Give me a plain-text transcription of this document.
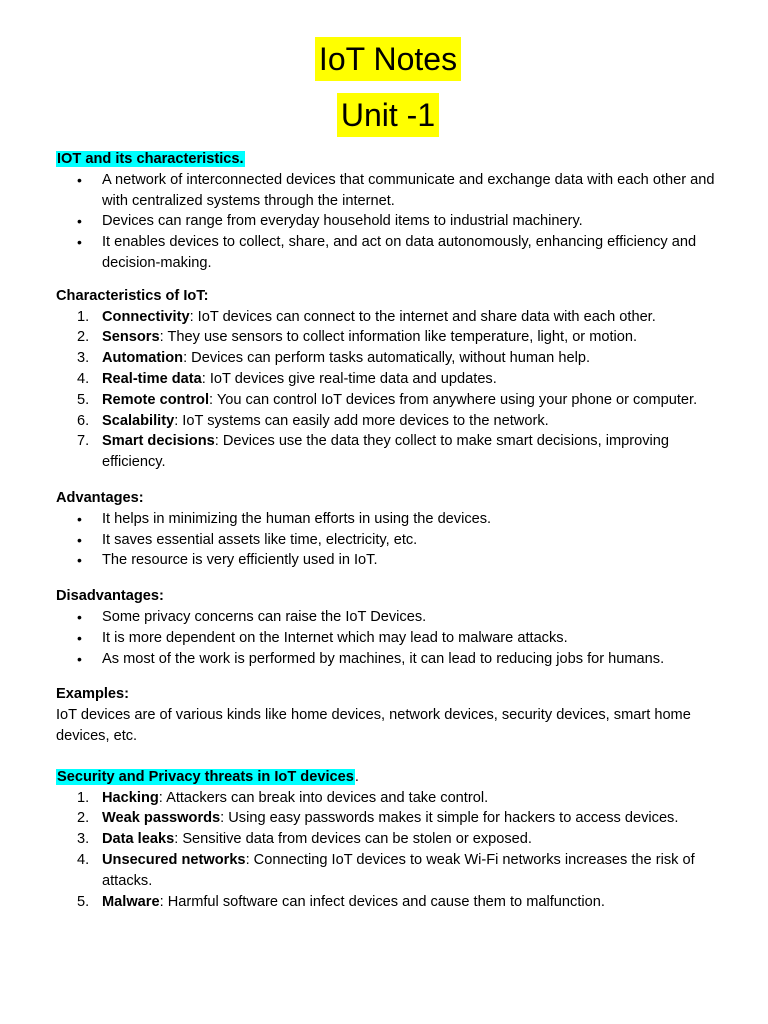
IoT Notes
Unit -1
IOT and its characteristics.
• A network of interconnected devices that communicate and exchange data with each other and with centralized systems through the internet.
• Devices can range from everyday household items to industrial machinery.
• It enables devices to collect, share, and act on data autonomously, enhancing efficiency and decision-making.
Characteristics of IoT:
1. Connectivity: IoT devices can connect to the internet and share data with each other.
2. Sensors: They use sensors to collect information like temperature, light, or motion.
3. Automation: Devices can perform tasks automatically, without human help.
4. Real-time data: IoT devices give real-time data and updates.
5. Remote control: You can control IoT devices from anywhere using your phone or computer.
6. Scalability: IoT systems can easily add more devices to the network.
7. Smart decisions: Devices use the data they collect to make smart decisions, improving efficiency.
Advantages:
• It helps in minimizing the human efforts in using the devices.
• It saves essential assets like time, electricity, etc.
• The resource is very efficiently used in IoT.
Disadvantages:
• Some privacy concerns can raise the IoT Devices.
• It is more dependent on the Internet which may lead to malware attacks.
• As most of the work is performed by machines, it can lead to reducing jobs for humans.
Examples:

IoT devices are of various kinds like home devices, network devices, security devices, smart home devices, etc.

Security and Privacy threats in IoT devices.
1. Hacking: Attackers can break into devices and take control.
2. Weak passwords: Using easy passwords makes it simple for hackers to access devices.
3. Data leaks: Sensitive data from devices can be stolen or exposed.
4. Unsecured networks: Connecting IoT devices to weak Wi-Fi networks increases the risk of attacks.
5. Malware: Harmful software can infect devices and cause them to malfunction.
